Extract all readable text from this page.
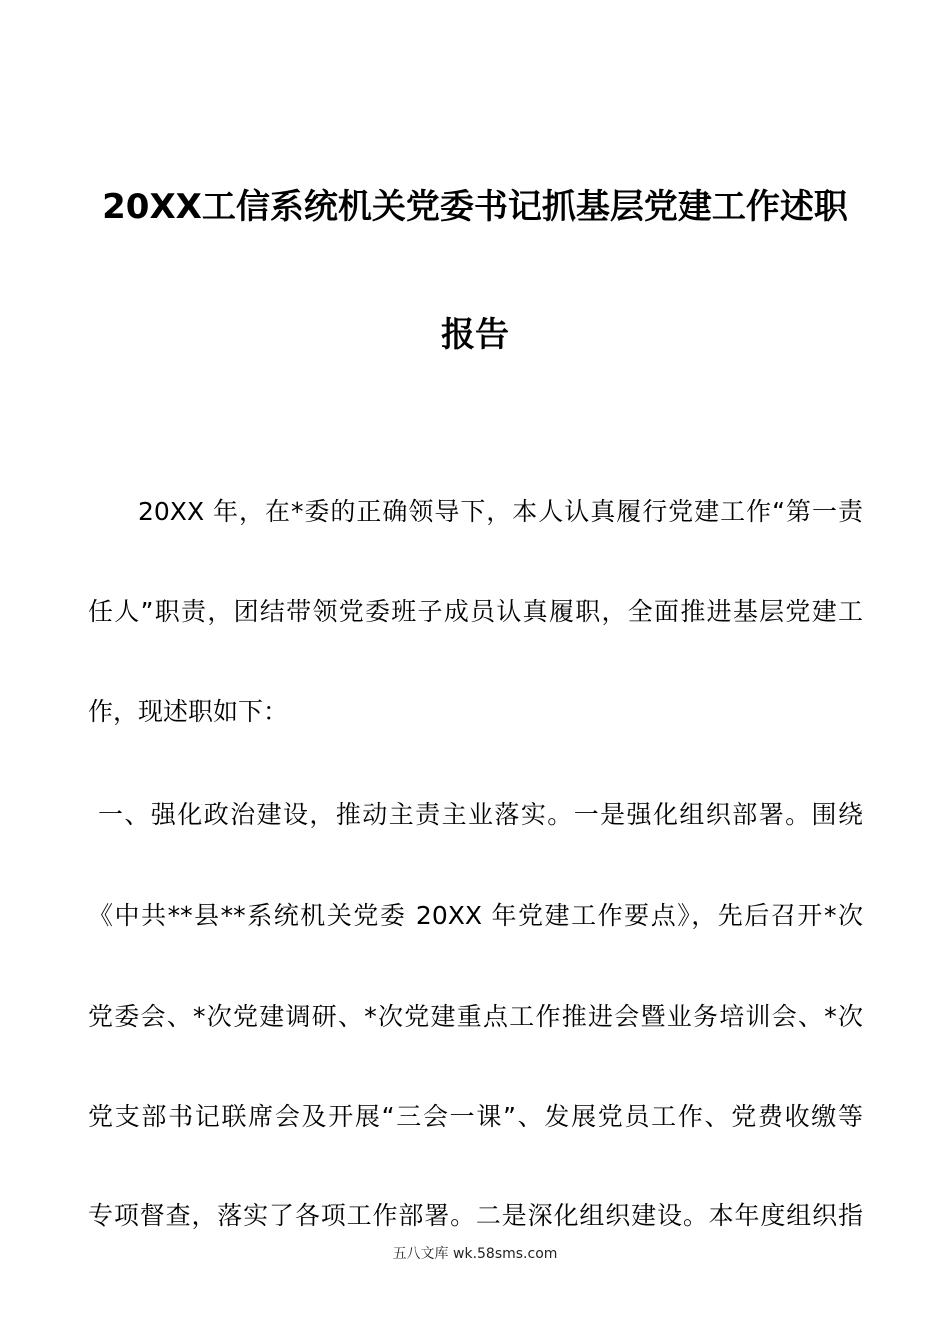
20XX工信系统机关党委书记抓基层党建工作述职
报告
20XX 年，在*委的正确领导下，本人认真履行党建工作“第一责
任人”职责，团结带领党委班子成员认真履职，全面推进基层党建工
作，现述职如下：
一、强化政治建设，推动主责主业落实。一是强化组织部署。围绕
《中共**县**系统机关党委 20XX 年党建工作要点》，先后召开*次
党委会、*次党建调研、*次党建重点工作推进会暨业务培训会、*次
党支部书记联席会及开展“三会一课”、发展党员工作、党费收缴等
专项督查，落实了各项工作部署。二是深化组织建设。本年度组织指
五八文库 wk.58sms.com
